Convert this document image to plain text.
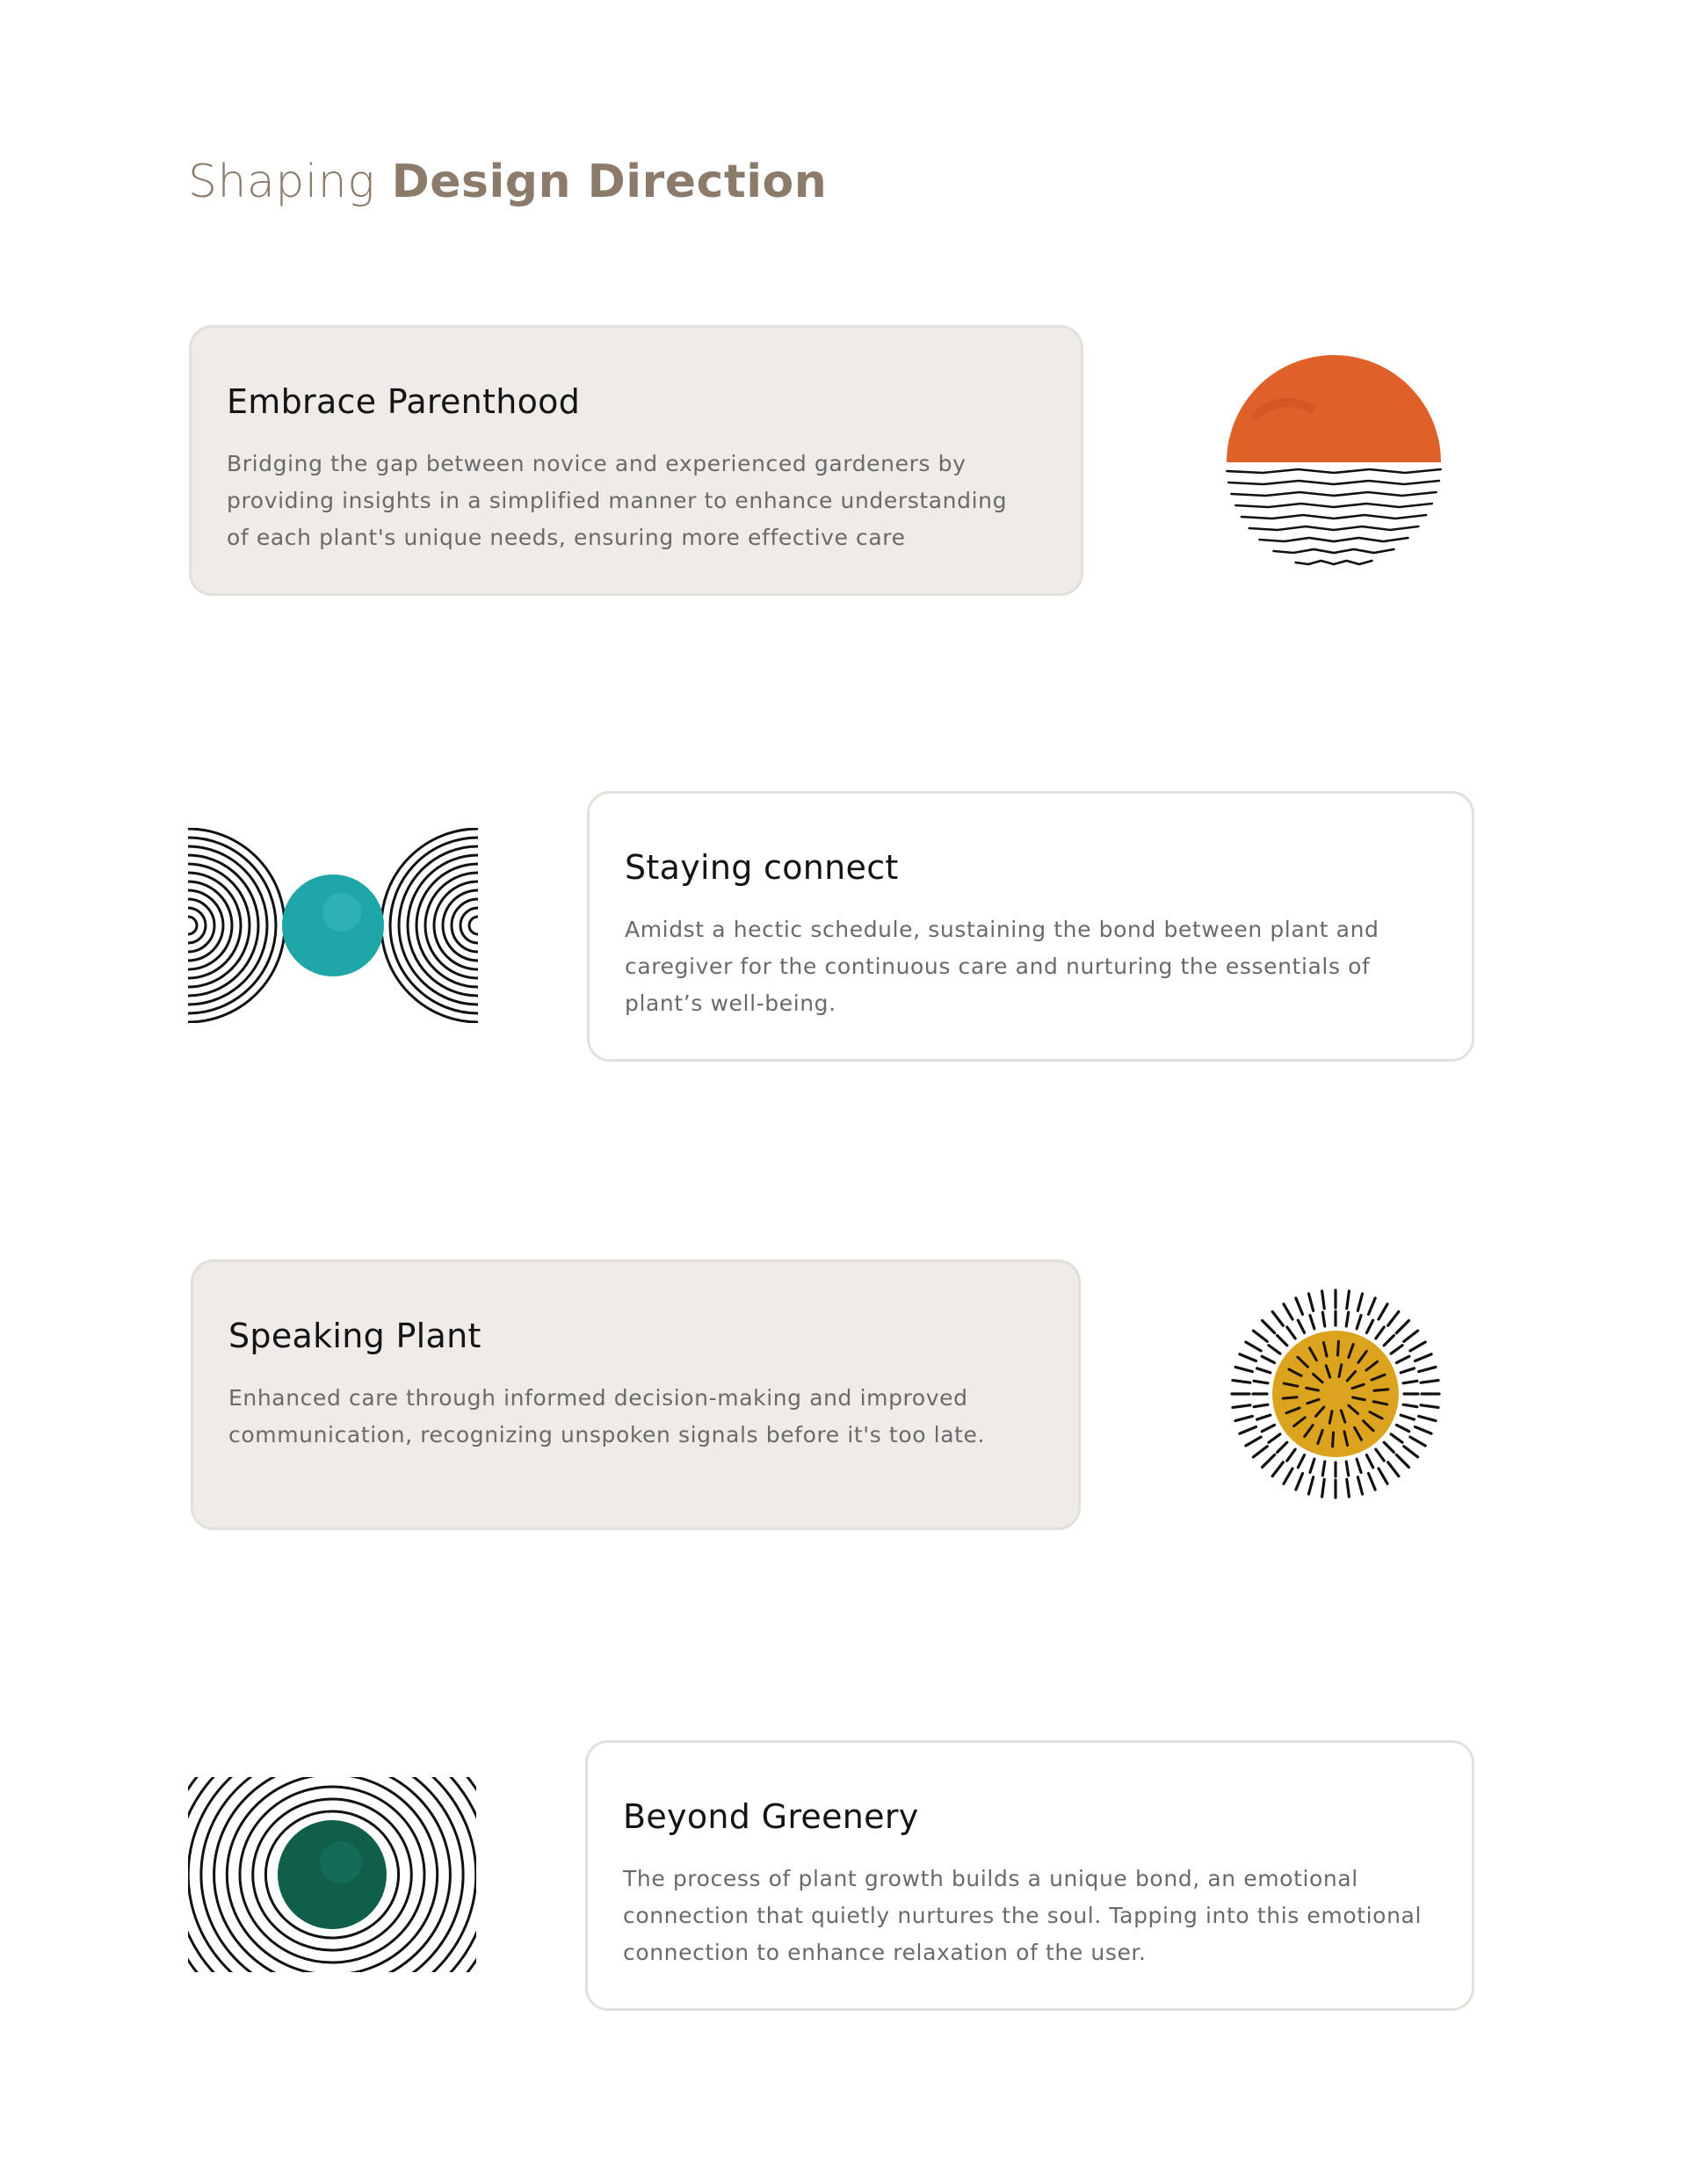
Shaping Design Direction
Embrace Parenthood

Bridging the gap between novice and experienced gardeners by providing insights in a simplified manner to enhance understanding of each plant's unique needs, ensuring more effective care

Staying connect

Amidst a hectic schedule, sustaining the bond between plant and caregiver for the continuous care and nurturing the essentials of plant’s well-being.

Speaking Plant

Enhanced care through informed decision-making and improved communication, recognizing unspoken signals before it's too late.

Beyond Greenery

The process of plant growth builds a unique bond, an emotional connection that quietly nurtures the soul. Tapping into this emotional connection to enhance relaxation of the user.
